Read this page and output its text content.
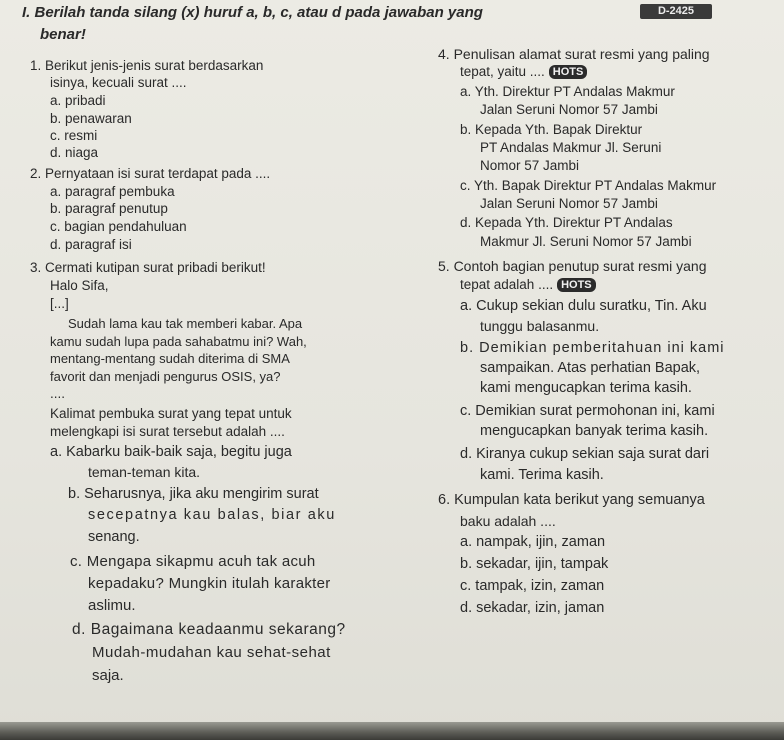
D-2425
I. Berilah tanda silang (x) huruf a, b, c, atau d pada jawaban yang
benar!
1. Berikut jenis-jenis surat berdasarkan
isinya, kecuali surat ....
a. pribadi
b. penawaran
c. resmi
d. niaga
2. Pernyataan isi surat terdapat pada ....
a. paragraf pembuka
b. paragraf penutup
c. bagian pendahuluan
d. paragraf isi
3. Cermati kutipan surat pribadi berikut!
Halo Sifa,
[...]
Sudah lama kau tak memberi kabar. Apa
kamu sudah lupa pada sahabatmu ini? Wah,
mentang-mentang sudah diterima di SMA
favorit dan menjadi pengurus OSIS, ya?
....
Kalimat pembuka surat yang tepat untuk
melengkapi isi surat tersebut adalah ....
a. Kabarku baik-baik saja, begitu juga
teman-teman kita.
b. Seharusnya, jika aku mengirim surat
secepatnya kau balas, biar aku
senang.
c. Mengapa sikapmu acuh tak acuh
kepadaku? Mungkin itulah karakter
aslimu.
d. Bagaimana keadaanmu sekarang?
Mudah-mudahan kau sehat-sehat
saja.
4. Penulisan alamat surat resmi yang paling
tepat, yaitu .... HOTS
a. Yth. Direktur PT Andalas Makmur
Jalan Seruni Nomor 57 Jambi
b. Kepada Yth. Bapak Direktur
PT Andalas Makmur Jl. Seruni
Nomor 57 Jambi
c. Yth. Bapak Direktur PT Andalas Makmur
Jalan Seruni Nomor 57 Jambi
d. Kepada Yth. Direktur PT Andalas
Makmur Jl. Seruni Nomor 57 Jambi
5. Contoh bagian penutup surat resmi yang
tepat adalah .... HOTS
a. Cukup sekian dulu suratku, Tin. Aku
tunggu balasanmu.
b. Demikian pemberitahuan ini kami
sampaikan. Atas perhatian Bapak,
kami mengucapkan terima kasih.
c. Demikian surat permohonan ini, kami
mengucapkan banyak terima kasih.
d. Kiranya cukup sekian saja surat dari
kami. Terima kasih.
6. Kumpulan kata berikut yang semuanya
baku adalah ....
a. nampak, ijin, zaman
b. sekadar, ijin, tampak
c. tampak, izin, zaman
d. sekadar, izin, jaman
